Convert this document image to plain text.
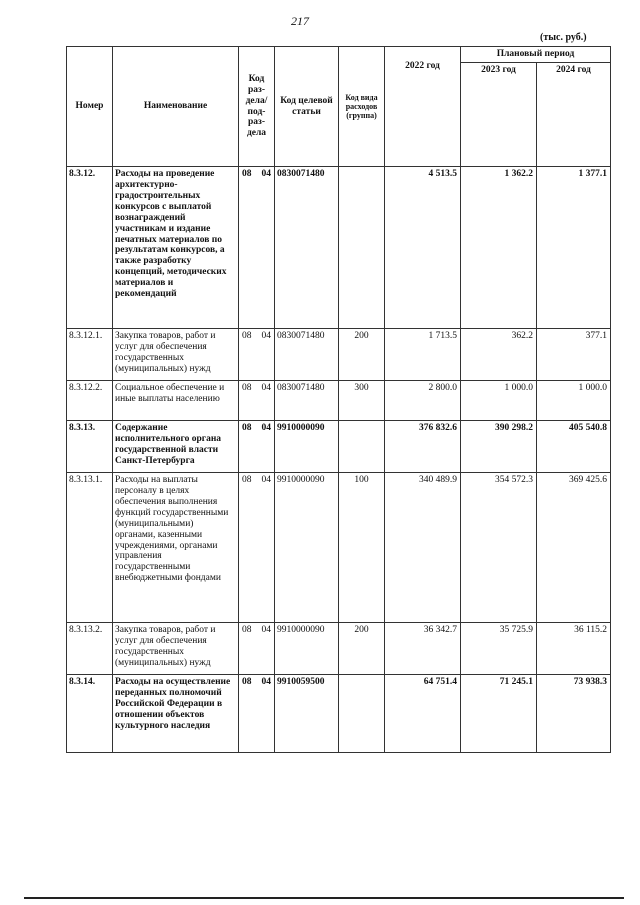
217
(тыс. руб.)
Номер	Наименование	Код раз-дела/ под-раз-дела	Код целевой статьи	Код вида расходов (группа)	2022 год	Плановый период	
						2023 год	2024 год
8.3.12.	Расходы на проведение архитектурно-градостроительных конкурсов с выплатой вознаграждений участникам и издание печатных материалов по результатам конкурсов, а также разработку концепций, методических материалов и рекомендаций	08 04	0830071480		4 513.5	1 362.2	1 377.1
8.3.12.1.	Закупка товаров, работ и услуг для обеспечения государственных (муниципальных) нужд	08 04	0830071480	200	1 713.5	362.2	377.1
8.3.12.2.	Социальное обеспечение и иные выплаты населению	08 04	0830071480	300	2 800.0	1 000.0	1 000.0
8.3.13.	Содержание исполнительного органа государственной власти Санкт-Петербурга	08 04	9910000090		376 832.6	390 298.2	405 540.8
8.3.13.1.	Расходы на выплаты персоналу в целях обеспечения выполнения функций государственными (муниципальными) органами, казенными учреждениями, органами управления государственными внебюджетными фондами	08 04	9910000090	100	340 489.9	354 572.3	369 425.6
8.3.13.2.	Закупка товаров, работ и услуг для обеспечения государственных (муниципальных) нужд	08 04	9910000090	200	36 342.7	35 725.9	36 115.2
8.3.14.	Расходы на осуществление переданных полномочий Российской Федерации в отношении объектов культурного наследия	08 04	9910059500		64 751.4	71 245.1	73 938.3
